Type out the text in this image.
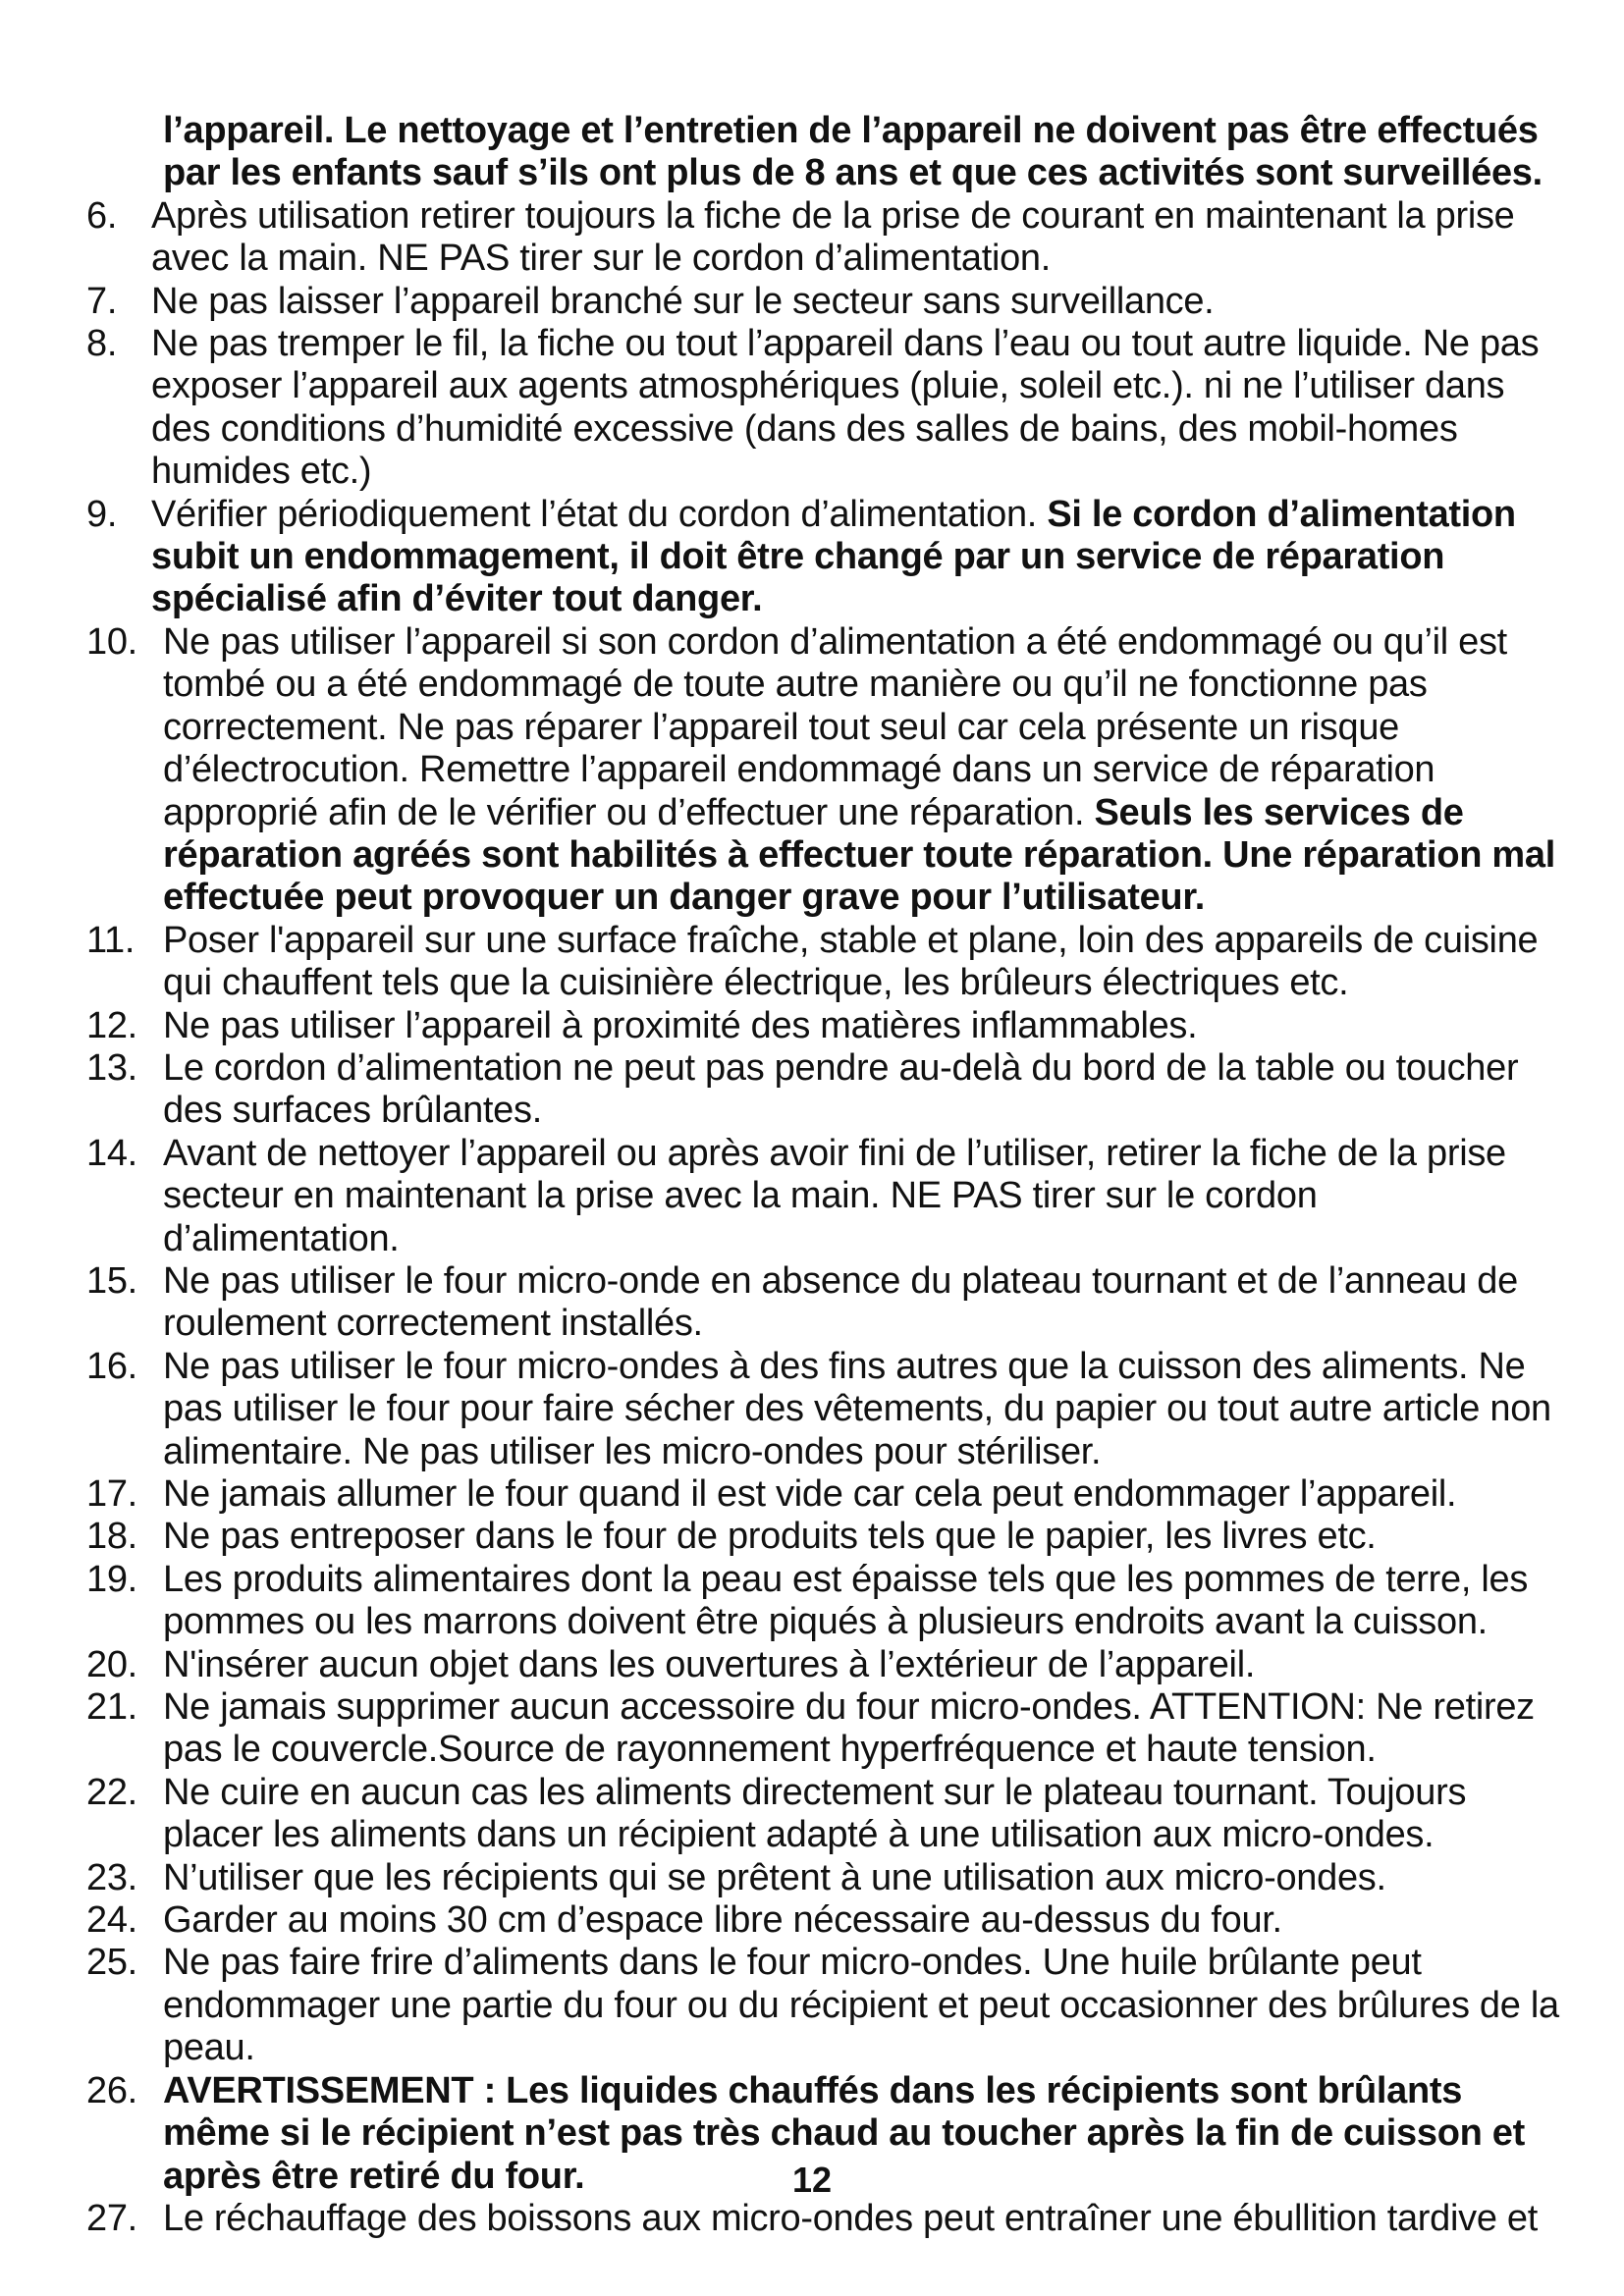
l’appareil. Le nettoyage et l’entretien de l’appareil ne doivent pas être effectués par les enfants sauf s’ils ont plus de 8 ans et que ces activités sont surveillées.

6. Après utilisation retirer toujours la fiche de la prise de courant en maintenant la prise avec la main. NE PAS tirer sur le cordon d’alimentation.
7. Ne pas laisser l’appareil branché sur le secteur sans surveillance.
8. Ne pas tremper le fil, la fiche ou tout l’appareil dans l’eau ou tout autre liquide. Ne pas exposer l’appareil aux agents atmosphériques (pluie, soleil etc.). ni ne l’utiliser dans des conditions d’humidité excessive (dans des salles de bains, des mobil-homes humides etc.)
9. Vérifier périodiquement l’état du cordon d’alimentation. Si le cordon d’alimentation subit un endommagement, il doit être changé par un service de réparation spécialisé afin d’éviter tout danger.
10. Ne pas utiliser l’appareil si son cordon d’alimentation a été endommagé ou qu’il est tombé ou a été endommagé de toute autre manière ou qu’il ne fonctionne pas correctement. Ne pas réparer l’appareil tout seul car cela présente un risque d’électrocution. Remettre l’appareil endommagé dans un service de réparation approprié afin de le vérifier ou d’effectuer une réparation. Seuls les services de réparation agréés sont habilités à effectuer toute réparation. Une réparation mal effectuée peut provoquer un danger grave pour l’utilisateur.
11. Poser l'appareil sur une surface fraîche, stable et plane, loin des appareils de cuisine qui chauffent tels que la cuisinière électrique, les brûleurs électriques etc.
12. Ne pas utiliser l’appareil à proximité des matières inflammables.
13. Le cordon d’alimentation ne peut pas pendre au-delà du bord de la table ou toucher des surfaces brûlantes.
14. Avant de nettoyer l’appareil ou après avoir fini de l’utiliser, retirer la fiche de la prise secteur en maintenant la prise avec la main. NE PAS tirer sur le cordon d’alimentation.
15. Ne pas utiliser le four micro-onde en absence du plateau tournant et de l’anneau de roulement correctement installés.
16. Ne pas utiliser le four micro-ondes à des fins autres que la cuisson des aliments. Ne pas utiliser le four pour faire sécher des vêtements, du papier ou tout autre article non alimentaire. Ne pas utiliser les micro-ondes pour stériliser.
17. Ne jamais allumer le four quand il est vide car cela peut endommager l’appareil.
18. Ne pas entreposer dans le four de produits tels que le papier, les livres etc.
19. Les produits alimentaires dont la peau est épaisse tels que les pommes de terre, les pommes ou les marrons doivent être piqués à plusieurs endroits avant la cuisson.
20. N'insérer aucun objet dans les ouvertures à l’extérieur de l’appareil.
21. Ne jamais supprimer aucun accessoire du four micro-ondes. ATTENTION: Ne retirez pas le couvercle.Source de rayonnement hyperfréquence et haute tension.
22. Ne cuire en aucun cas les aliments directement sur le plateau tournant. Toujours placer les aliments dans un récipient adapté à une utilisation aux micro-ondes.
23. N’utiliser que les récipients qui se prêtent à une utilisation aux micro-ondes.
24. Garder au moins 30 cm d’espace libre nécessaire au-dessus du four.
25. Ne pas faire frire d’aliments dans le four micro-ondes. Une huile brûlante peut endommager une partie du four ou du récipient et peut occasionner des brûlures de la peau.
26. AVERTISSEMENT : Les liquides chauffés dans les récipients sont brûlants même si le récipient n’est pas très chaud au toucher après la fin de cuisson et après être retiré du four.
27. Le réchauffage des boissons aux micro-ondes peut entraîner une ébullition tardive et
12
